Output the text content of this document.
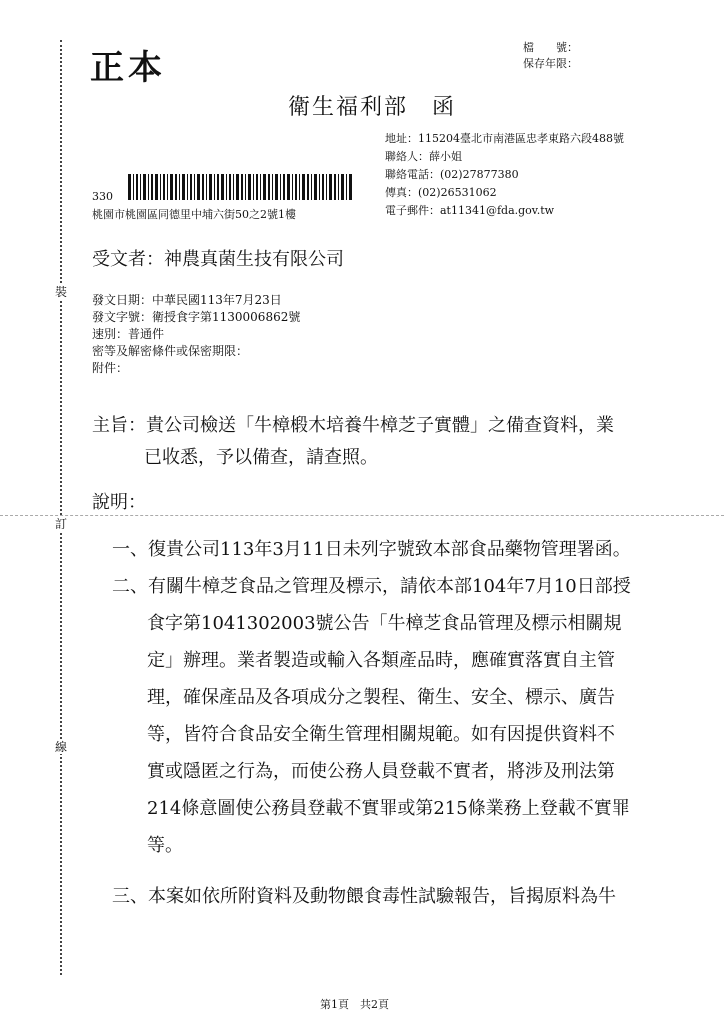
裝
訂
線
正本
檔　　號：
保存年限：
衛生福利部　函
地址：115204臺北市南港區忠孝東路六段488號
聯絡人：薛小姐
聯絡電話：(02)27877380
傳真：(02)26531062
電子郵件：at11341@fda.gov.tw
330
桃園市桃園區同德里中埔六街50之2號1樓
受文者：神農真菌生技有限公司
發文日期：中華民國113年7月23日
發文字號：衛授食字第1130006862號
速別：普通件
密等及解密條件或保密期限：
附件：
主旨：貴公司檢送「牛樟椴木培養牛樟芝子實體」之備查資料，業
已收悉，予以備查，請查照。
說明：
一、復貴公司113年3月11日未列字號致本部食品藥物管理署函。
二、有關牛樟芝食品之管理及標示，請依本部104年7月10日部授
食字第1041302003號公告「牛樟芝食品管理及標示相關規
定」辦理。業者製造或輸入各類產品時，應確實落實自主管
理，確保產品及各項成分之製程、衛生、安全、標示、廣告
等，皆符合食品安全衛生管理相關規範。如有因提供資料不
實或隱匿之行為，而使公務人員登載不實者，將涉及刑法第
214條意圖使公務員登載不實罪或第215條業務上登載不實罪
等。
三、本案如依所附資料及動物餵食毒性試驗報告，旨揭原料為牛
第1頁　共2頁
